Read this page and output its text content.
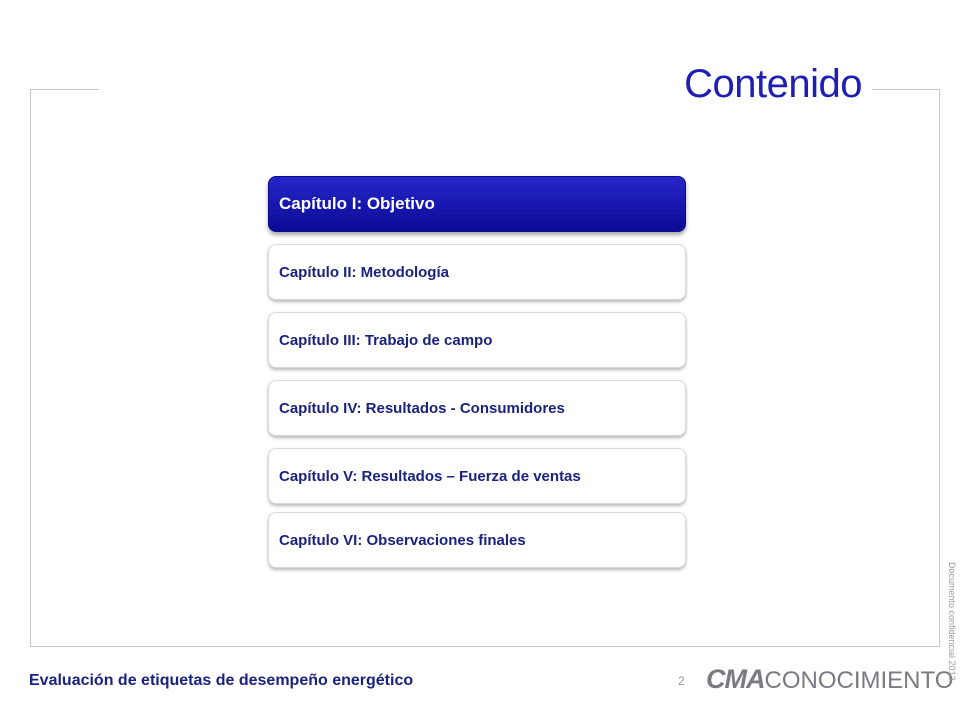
Contenido
Capítulo I: Objetivo
Capítulo II: Metodología
Capítulo III: Trabajo de campo
Capítulo IV: Resultados - Consumidores
Capítulo V: Resultados – Fuerza de ventas
Capítulo VI: Observaciones finales
Evaluación de etiquetas de desempeño energético	2 CMA CONOCIMIENTO
Documento confidencial 2013.
